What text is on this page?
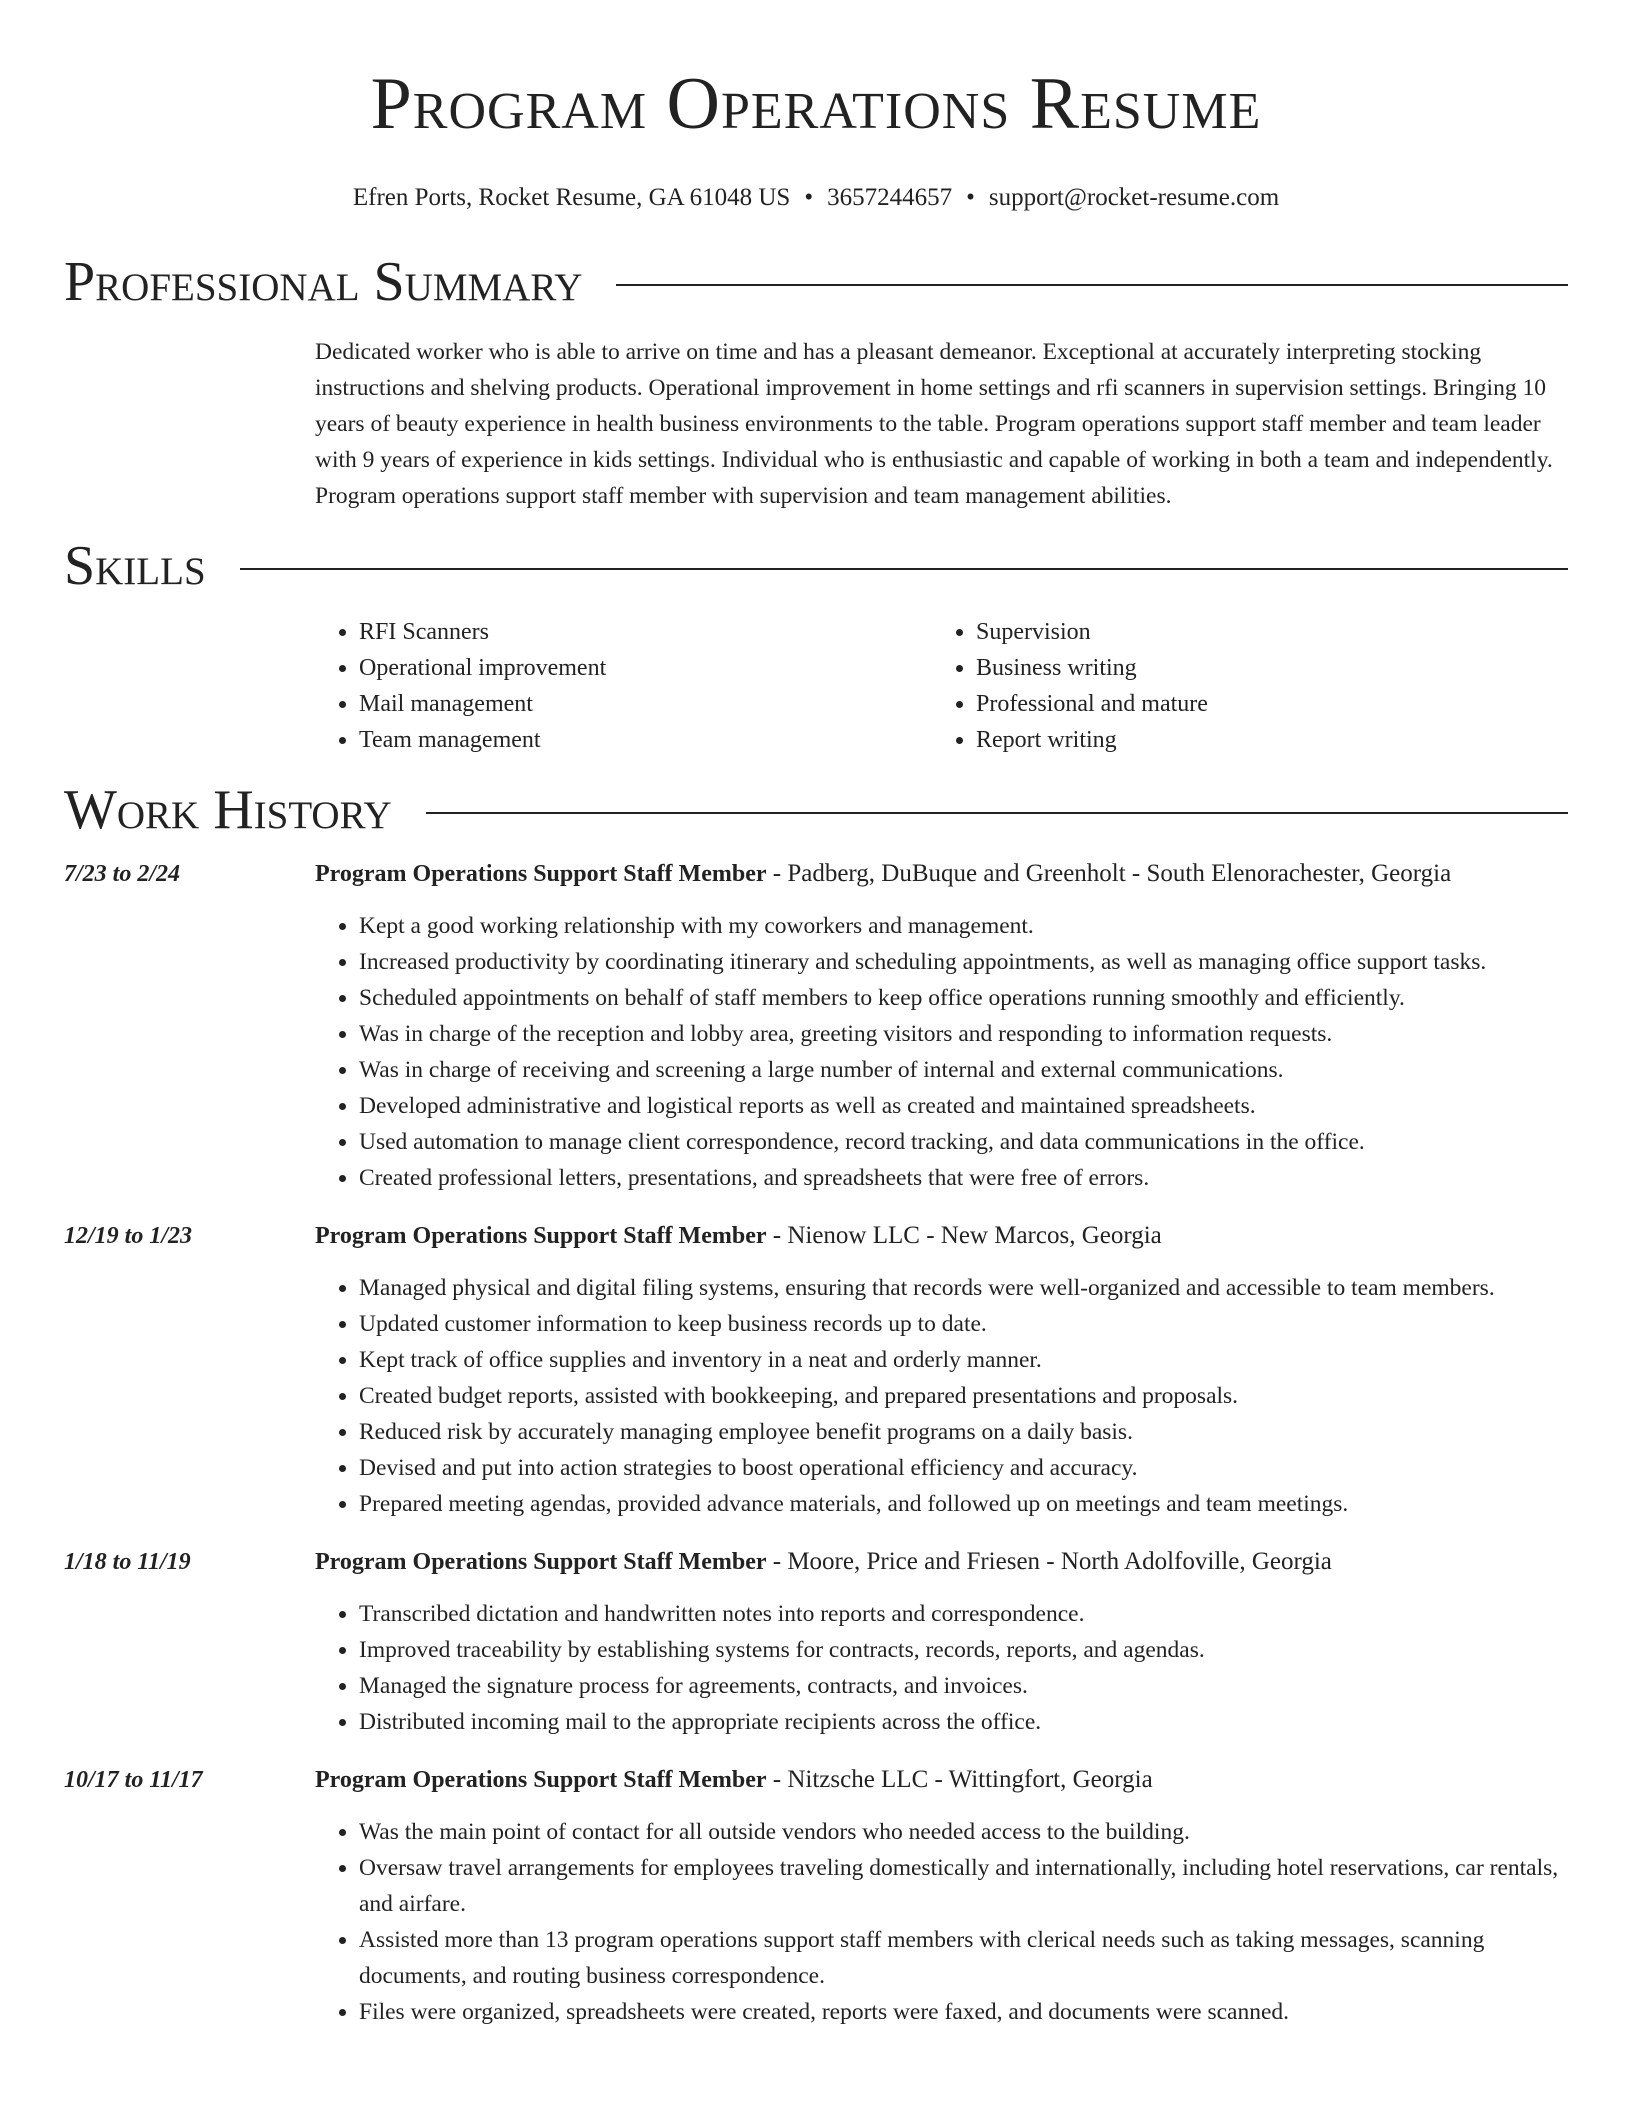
Program Operations Resume
Efren Ports, Rocket Resume, GA 61048 US • 3657244657 • support@rocket-resume.com
Professional Summary
Dedicated worker who is able to arrive on time and has a pleasant demeanor. Exceptional at accurately interpreting stocking instructions and shelving products. Operational improvement in home settings and rfi scanners in supervision settings. Bringing 10 years of beauty experience in health business environments to the table. Program operations support staff member and team leader with 9 years of experience in kids settings. Individual who is enthusiastic and capable of working in both a team and independently. Program operations support staff member with supervision and team management abilities.
Skills
• RFI Scanners
• Operational improvement
• Mail management
• Team management
• Supervision
• Business writing
• Professional and mature
• Report writing
Work History
7/23 to 2/24	Program Operations Support Staff Member - Padberg, DuBuque and Greenholt - South Elenorachester, Georgia
• Kept a good working relationship with my coworkers and management.
• Increased productivity by coordinating itinerary and scheduling appointments, as well as managing office support tasks.
• Scheduled appointments on behalf of staff members to keep office operations running smoothly and efficiently.
• Was in charge of the reception and lobby area, greeting visitors and responding to information requests.
• Was in charge of receiving and screening a large number of internal and external communications.
• Developed administrative and logistical reports as well as created and maintained spreadsheets.
• Used automation to manage client correspondence, record tracking, and data communications in the office.
• Created professional letters, presentations, and spreadsheets that were free of errors.
12/19 to 1/23	Program Operations Support Staff Member - Nienow LLC - New Marcos, Georgia
• Managed physical and digital filing systems, ensuring that records were well-organized and accessible to team members.
• Updated customer information to keep business records up to date.
• Kept track of office supplies and inventory in a neat and orderly manner.
• Created budget reports, assisted with bookkeeping, and prepared presentations and proposals.
• Reduced risk by accurately managing employee benefit programs on a daily basis.
• Devised and put into action strategies to boost operational efficiency and accuracy.
• Prepared meeting agendas, provided advance materials, and followed up on meetings and team meetings.
1/18 to 11/19	Program Operations Support Staff Member - Moore, Price and Friesen - North Adolfoville, Georgia
• Transcribed dictation and handwritten notes into reports and correspondence.
• Improved traceability by establishing systems for contracts, records, reports, and agendas.
• Managed the signature process for agreements, contracts, and invoices.
• Distributed incoming mail to the appropriate recipients across the office.
10/17 to 11/17	Program Operations Support Staff Member - Nitzsche LLC - Wittingfort, Georgia
• Was the main point of contact for all outside vendors who needed access to the building.
• Oversaw travel arrangements for employees traveling domestically and internationally, including hotel reservations, car rentals, and airfare.
• Assisted more than 13 program operations support staff members with clerical needs such as taking messages, scanning documents, and routing business correspondence.
• Files were organized, spreadsheets were created, reports were faxed, and documents were scanned.
